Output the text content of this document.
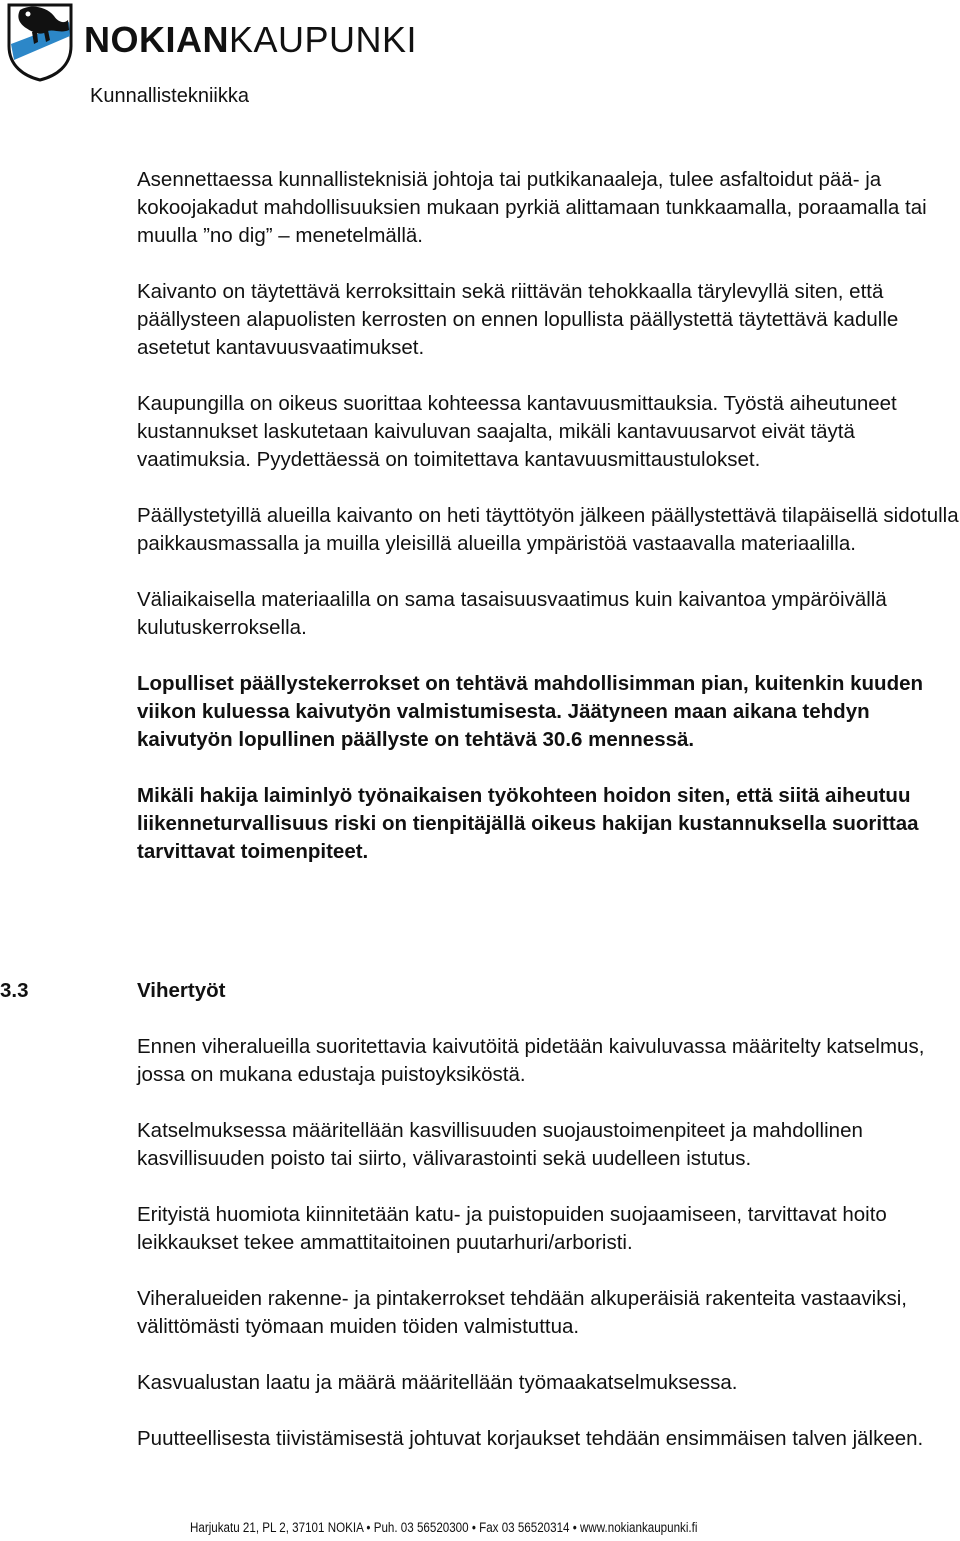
NOKIANKAUPUNKI
Kunnallistekniikka

Asennettaessa kunnallisteknisiä johtoja tai putkikanaaleja, tulee asfaltoidut pää- ja kokoojakadut mahdollisuuksien mukaan pyrkiä alittamaan tunkkaamalla, poraamalla tai muulla ”no dig” – menetelmällä.

Kaivanto on täytettävä kerroksittain sekä riittävän tehokkaalla tärylevyllä siten, että päällysteen alapuolisten kerrosten on ennen lopullista päällystettä täytettävä kadulle asetetut kantavuusvaatimukset.

Kaupungilla on oikeus suorittaa kohteessa kantavuusmittauksia. Työstä aiheutuneet kustannukset laskutetaan kaivuluvan saajalta, mikäli kantavuusarvot eivät täytä vaatimuksia. Pyydettäessä on toimitettava kantavuusmittaustulokset.

Päällystetyillä alueilla kaivanto on heti täyttötyön jälkeen päällystettävä tilapäisellä sidotulla paikkausmassalla ja muilla yleisillä alueilla ympäristöä vastaavalla materiaalilla.

Väliaikaisella materiaalilla on sama tasaisuusvaatimus kuin kaivantoa ympäröivällä kulutuskerroksella.

Lopulliset päällystekerrokset on tehtävä mahdollisimman pian, kuitenkin kuuden viikon kuluessa kaivutyön valmistumisesta. Jäätyneen maan aikana tehdyn kaivutyön lopullinen päällyste on tehtävä 30.6 mennessä.

Mikäli hakija laiminlyö työnaikaisen työkohteen hoidon siten, että siitä aiheutuu liikenneturvallisuus riski on tienpitäjällä oikeus hakijan kustannuksella suorittaa tarvittavat toimenpiteet.

3.3	Vihertyöt

Ennen viheralueilla suoritettavia kaivutöitä pidetään kaivuluvassa määritelty katselmus, jossa on mukana edustaja puistoyksiköstä.

Katselmuksessa määritellään kasvillisuuden suojaustoimenpiteet ja mahdollinen kasvillisuuden poisto tai siirto, välivarastointi sekä uudelleen istutus.

Erityistä huomiota kiinnitetään katu- ja puistopuiden suojaamiseen, tarvittavat hoito leikkaukset tekee ammattitaitoinen puutarhuri/arboristi.

Viheralueiden rakenne- ja pintakerrokset tehdään alkuperäisiä rakenteita vastaaviksi, välittömästi työmaan muiden töiden valmistuttua.

Kasvualustan laatu ja määrä määritellään työmaakatselmuksessa.

Puutteellisesta tiivistämisestä johtuvat korjaukset tehdään ensimmäisen talven jälkeen.

Harjukatu 21, PL 2, 37101 NOKIA • Puh. 03 56520300 • Fax 03 56520314 • www.nokiankaupunki.fi
